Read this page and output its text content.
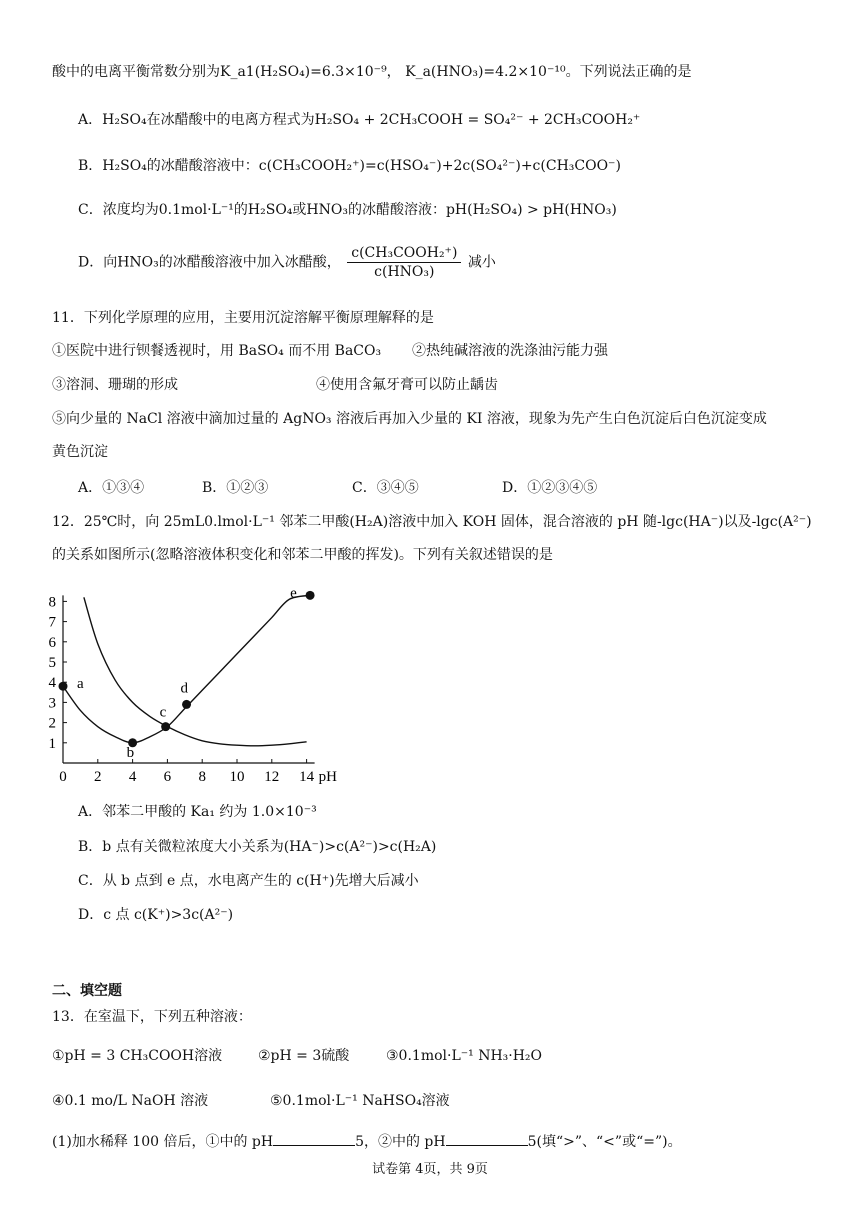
酸中的电离平衡常数分别为K_a1(H₂SO₄)=6.3×10⁻⁹， K_a(HNO₃)=4.2×10⁻¹⁰。下列说法正确的是
A．H₂SO₄在冰醋酸中的电离方程式为H₂SO₄ + 2CH₃COOH = SO₄²⁻ + 2CH₃COOH₂⁺
B．H₂SO₄的冰醋酸溶液中：c(CH₃COOH₂⁺)=c(HSO₄⁻)+2c(SO₄²⁻)+c(CH₃COO⁻)
C．浓度均为0.1mol·L⁻¹的H₂SO₄或HNO₃的冰醋酸溶液：pH(H₂SO₄) > pH(HNO₃)
D．向HNO₃的冰醋酸溶液中加入冰醋酸， $\frac{\text{c(CH₃COOH₂⁺)}}{\text{c(HNO₃)}}$ 减小
11．下列化学原理的应用，主要用沉淀溶解平衡原理解释的是
①医院中进行钡餐透视时，用 BaSO₄ 而不用 BaCO₃ ②热纯碱溶液的洗涤油污能力强
③溶洞、珊瑚的形成	④使用含氟牙膏可以防止龋齿
⑤向少量的 NaCl 溶液中滴加过量的 AgNO₃ 溶液后再加入少量的 KI 溶液，现象为先产生白色沉淀后白色沉淀变成
黄色沉淀
A．①③④	B．①②③	C．③④⑤	D．①②③④⑤
12．25℃时，向 25mL0.lmol·L⁻¹ 邻苯二甲酸(H₂A)溶液中加入 KOH 固体，混合溶液的 pH 随-lgc(HA⁻)以及-lgc(A²⁻)
的关系如图所示(忽略溶液体积变化和邻苯二甲酸的挥发)。下列有关叙述错误的是
0 2 4 6 8 10 12 14
1
2
3
4
5
6
7
8
pH
a
b
c
d
e
A．邻苯二甲酸的 Ka₁ 约为 1.0×10⁻³
B．b 点有关微粒浓度大小关系为(HA⁻)>c(A²⁻)>c(H₂A)
C．从 b 点到 e 点，水电离产生的 c(H⁺)先增大后减小
D．c 点 c(K⁺)>3c(A²⁻)
二、填空题
13．在室温下，下列五种溶液：
①pH = 3 CH₃COOH溶液	②pH = 3硫酸	③0.1mol·L⁻¹ NH₃·H₂O
④0.1 mo/L NaOH 溶液	⑤0.1mol·L⁻¹ NaHSO₄溶液
(1)加水稀释 100 倍后，①中的 pH	5，②中的 pH	5(填“>”、“<”或“=”)。
试卷第 4页，共 9页
